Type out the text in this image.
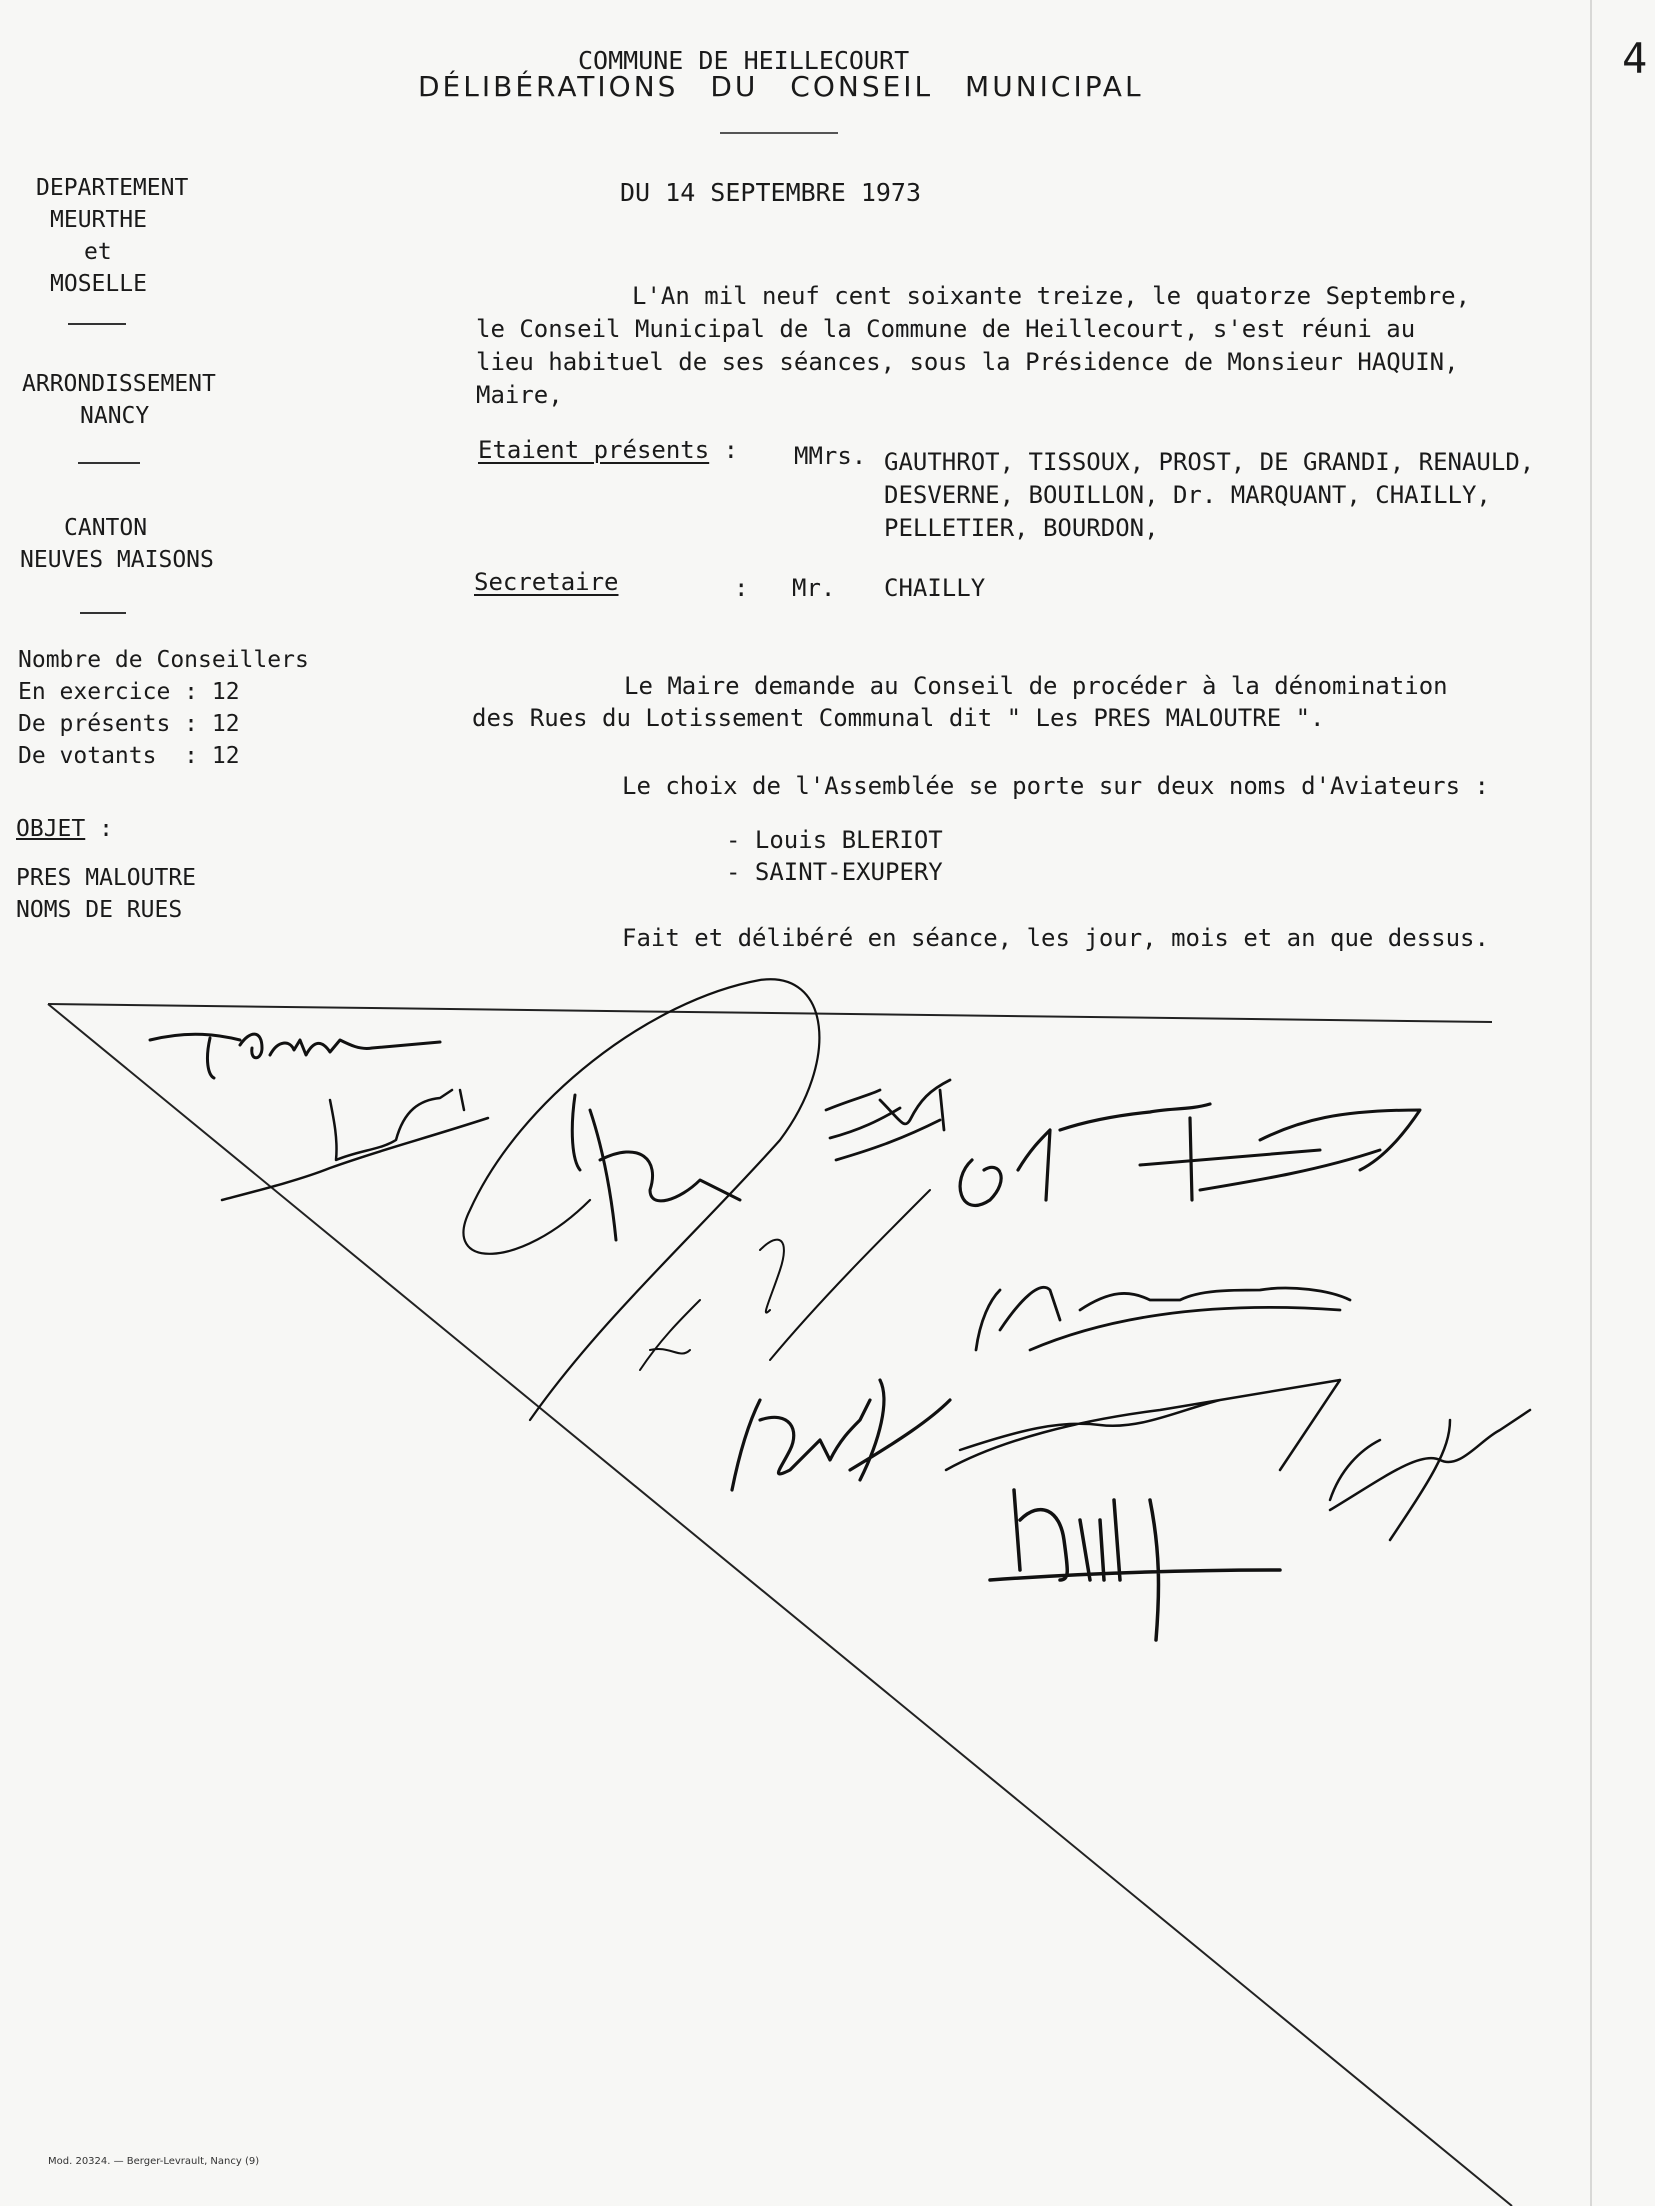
COMMUNE DE HEILLECOURT
DÉLIBÉRATIONS DU CONSEIL MUNICIPAL
4
DEPARTEMENT
MEURTHE
et
MOSELLE
ARRONDISSEMENT
NANCY
CANTON
NEUVES MAISONS
Nombre de Conseillers
En exercice : 12
De présents : 12
De votants  : 12
OBJET :
PRES MALOUTRE
NOMS DE RUES
DU 14 SEPTEMBRE 1973
L'An mil neuf cent soixante treize, le quatorze Septembre,
le Conseil Municipal de la Commune de Heillecourt, s'est réuni au
lieu habituel de ses séances, sous la Présidence de Monsieur HAQUIN,
Maire,
Etaient présents : MMrs. GAUTHROT, TISSOUX, PROST, DE GRANDI, RENAULD,
DESVERNE, BOUILLON, Dr. MARQUANT, CHAILLY,
PELLETIER, BOURDON,
Secretaire	: Mr. CHAILLY
Le Maire demande au Conseil de procéder à la dénomination
des Rues du Lotissement Communal dit " Les PRES MALOUTRE ".
Le choix de l'Assemblée se porte sur deux noms d'Aviateurs :
- Louis BLERIOT
- SAINT-EXUPERY
Fait et délibéré en séance, les jour, mois et an que dessus.
Mod. 20324. — Berger-Levrault, Nancy (9)
